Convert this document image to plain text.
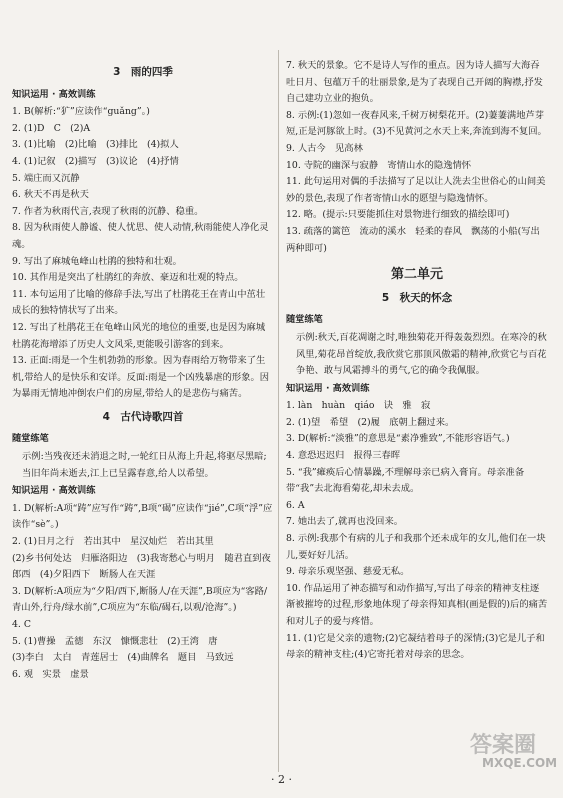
3　雨的四季
知识运用 · 高效训练

1. B(解析:“犷”应读作“guǎng”。)

2. (1)D　C　(2)A

3. (1)比喻　(2)比喻　(3)排比　(4)拟人

4. (1)记叙　(2)描写　(3)议论　(4)抒情

5. 端庄而又沉静

6. 秋天不再是秋天

7. 作者为秋雨代言,表现了秋雨的沉静、稳重。

8. 因为秋雨使人静谧、使人忧思、使人动情,秋雨能使人净化灵魂。

9. 写出了麻城龟峰山杜鹃的独特和壮观。

10. 其作用是突出了杜鹃红的奔放、豪迈和壮观的特点。

11. 本句运用了比喻的修辞手法,写出了杜鹃花王在青山中茁壮成长的独特情状写了出来。

12. 写出了杜鹃花王在龟峰山风光的地位的重要,也是因为麻城杜鹃花海增添了历史人文风采,更能吸引游客的到来。

13. 正面:雨是一个生机勃勃的形象。因为春雨给万物带来了生机,带给人的是快乐和安详。反面:雨是一个凶残暴虐的形象。因为暴雨无情地冲倒农户们的房屋,带给人的是悲伤与痛苦。

4　古代诗歌四首
随堂练笔

示例:当残夜还未消退之时,一轮红日从海上升起,将驱尽黑暗;当旧年尚未逝去,江上已呈露春意,给人以希望。

知识运用 · 高效训练

1. D(解析:A项“踌”应写作“踌”,B项“碣”应读作“jié”,C项“浮”应读作“sè”。)

2. (1)日月之行　若出其中　星汉灿烂　若出其里

(2)乡书何处达　归雁洛阳边　(3)我寄愁心与明月　随君直到夜郎西　(4)夕阳西下　断肠人在天涯

3. D(解析:A项应为“夕阳/西下,断肠人/在天涯”,B项应为“客路/青山外,行舟/绿水前”,C项应为“东临/碣石,以观/沧海”。)

4. C

5. (1)曹操　孟德　东汉　慷慨悲壮　(2)王湾　唐

(3)李白　太白　青莲居士　(4)曲牌名　题目　马致远

6. 观　实景　虚景

7. 秋天的景象。它不是诗人写作的重点。因为诗人描写大海吞吐日月、包蕴万千的壮丽景象,是为了表现自己开阔的胸襟,抒发自己建功立业的抱负。

8. 示例:(1)忽如一夜春风来,千树万树梨花开。(2)萋萋满地芦芽短,正是河豚欲上时。(3)不见黄河之水天上来,奔流到海不复回。

9. 人古今　见高林

10. 寺院的幽深与寂静　寄情山水的隐逸情怀

11. 此句运用对偶的手法描写了足以让人洗去尘世俗心的山间美妙的景色,表现了作者寄情山水的愿望与隐逸情怀。

12. 略。(提示:只要能抓住对景物进行细致的描绘即可)

13. 疏落的篱笆　流动的溪水　轻柔的春风　飘荡的小船(写出两种即可)

第二单元
5　秋天的怀念
随堂练笔

示例:秋天,百花凋谢之时,唯独菊花开得轰轰烈烈。在寒冷的秋风里,菊花昂首绽放,我欣赏它那顶风傲霜的精神,欣赏它与百花争艳、敢与风霜搏斗的勇气,它的确令我佩服。

知识运用 · 高效训练

1. làn　huàn　qiáo　诀　雅　寂

2. (1)望　希望　(2)履　底朝上翻过来。

3. D(解析:“淡雅”的意思是“素净雅致”,不能形容语气。)

4. 意恐迟迟归　报得三春晖

5. “我”瘫痪后心情暴躁,不理解母亲已病入膏肓。母亲准备带“我”去北海看菊花,却未去成。

6. A

7. 她出去了,就再也没回来。

8. 示例:我那个有病的儿子和我那个还未成年的女儿,他们在一块儿,要好好儿活。

9. 母亲乐观坚强、慈爱无私。

10. 作品运用了神态描写和动作描写,写出了母亲的精神支柱逐渐被摧垮的过程,形象地体现了母亲得知真相(画是假的)后的痛苦和对儿子的爱与疼惜。

11. (1)它是父亲的遗物;(2)它凝结着母子的深情;(3)它是儿子和母亲的精神支柱;(4)它寄托着对母亲的思念。

· 2 ·
答案圈
MXQE.COM
